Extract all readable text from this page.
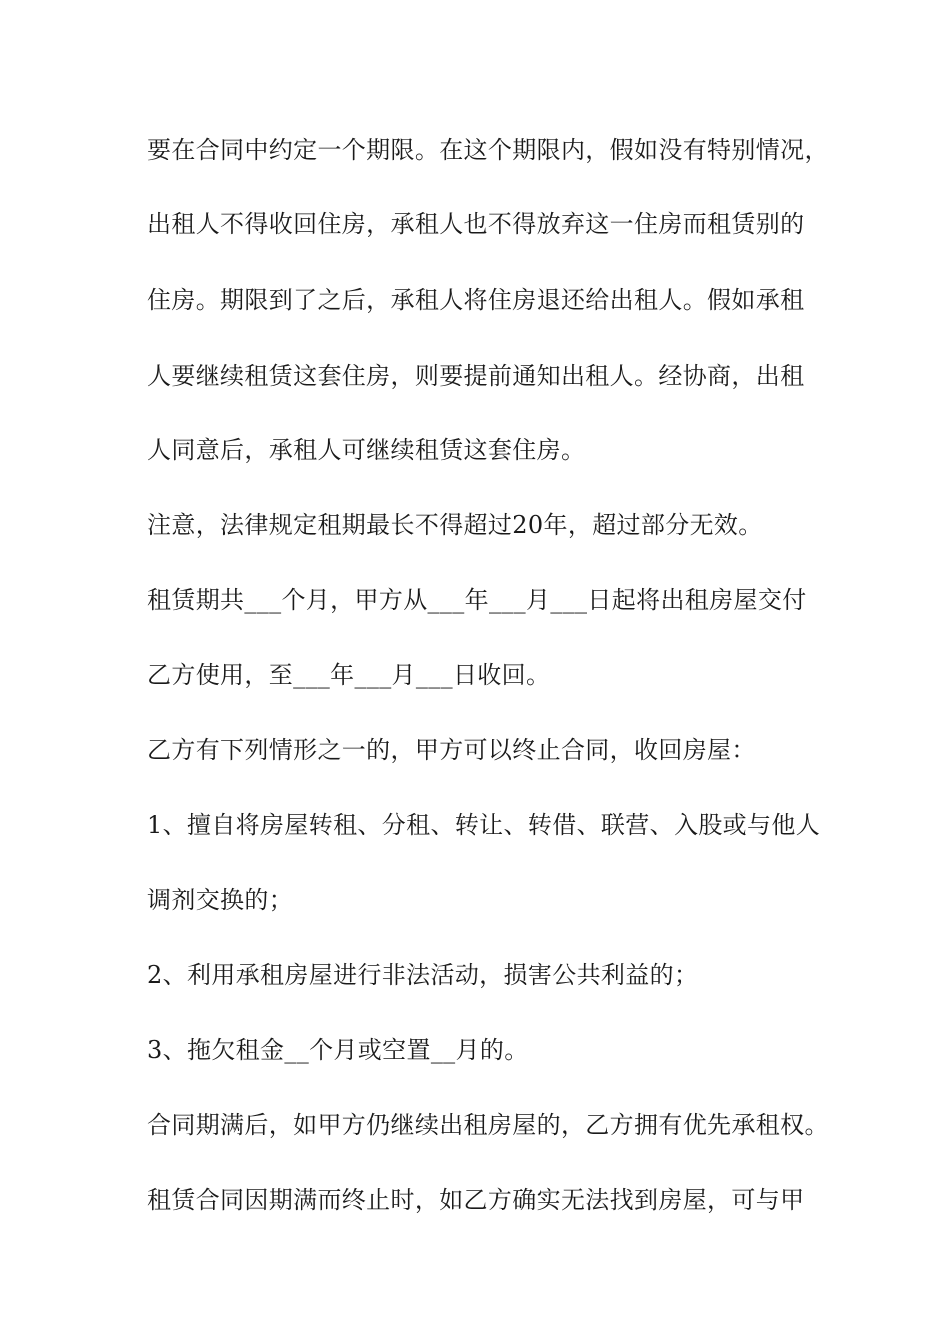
要在合同中约定一个期限。在这个期限内，假如没有特别情况，
出租人不得收回住房，承租人也不得放弃这一住房而租赁别的
住房。期限到了之后，承租人将住房退还给出租人。假如承租
人要继续租赁这套住房，则要提前通知出租人。经协商，出租
人同意后，承租人可继续租赁这套住房。
注意，法律规定租期最长不得超过20年，超过部分无效。
租赁期共___个月，甲方从___年___月___日起将出租房屋交付
乙方使用，至___年___月___日收回。
乙方有下列情形之一的，甲方可以终止合同，收回房屋：
1、擅自将房屋转租、分租、转让、转借、联营、入股或与他人
调剂交换的；
2、利用承租房屋进行非法活动，损害公共利益的；
3、拖欠租金__个月或空置__月的。
合同期满后，如甲方仍继续出租房屋的，乙方拥有优先承租权。
租赁合同因期满而终止时，如乙方确实无法找到房屋，可与甲
